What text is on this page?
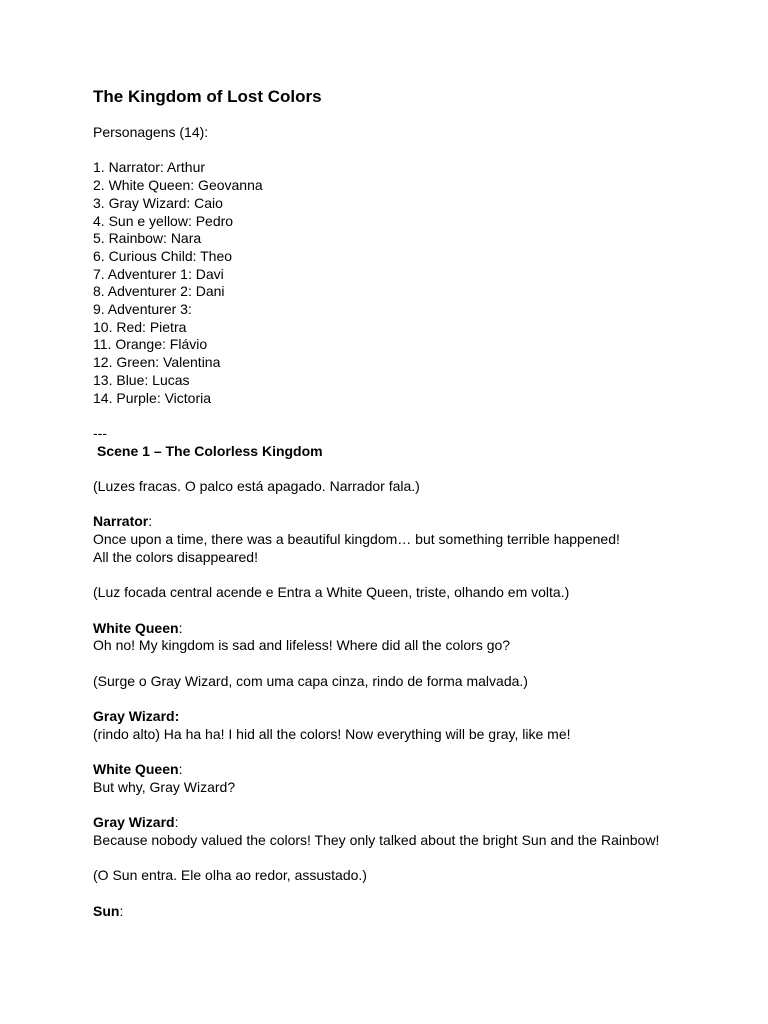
The Kingdom of Lost Colors
Personagens (14):
1. Narrator: Arthur
2. White Queen: Geovanna
3. Gray Wizard: Caio
4. Sun e yellow: Pedro
5. Rainbow: Nara
6. Curious Child: Theo
7. Adventurer 1: Davi
8. Adventurer 2: Dani
9. Adventurer 3:
10. Red: Pietra
11. Orange: Flávio
12. Green: Valentina
13. Blue: Lucas
14. Purple: Victoria
---
Scene 1 – The Colorless Kingdom
(Luzes fracas. O palco está apagado. Narrador fala.)
Narrator:
Once upon a time, there was a beautiful kingdom… but something terrible happened!
All the colors disappeared!
(Luz focada central acende e Entra a White Queen, triste, olhando em volta.)
White Queen:
Oh no! My kingdom is sad and lifeless! Where did all the colors go?
(Surge o Gray Wizard, com uma capa cinza, rindo de forma malvada.)
Gray Wizard:
(rindo alto) Ha ha ha! I hid all the colors! Now everything will be gray, like me!
White Queen:
But why, Gray Wizard?
Gray Wizard:
Because nobody valued the colors! They only talked about the bright Sun and the Rainbow!
(O Sun entra. Ele olha ao redor, assustado.)
Sun:
